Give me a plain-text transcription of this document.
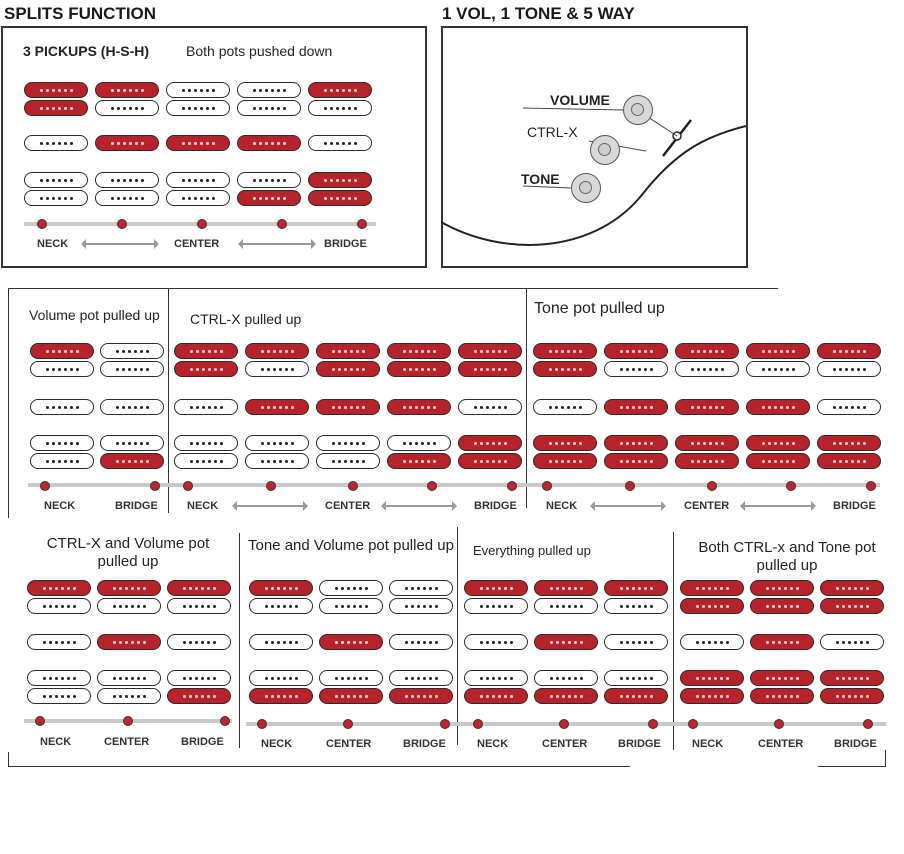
SPLITS FUNCTION	1 VOL, 1 TONE & 5 WAY
3 PICKUPS (H-S-H)	Both pots pushed down
NECK	CENTER	BRIDGE
VOLUME
CTRL-X
TONE
Volume pot pulled up	CTRL-X pulled up
Tone pot pulled up
NECK	BRIDGE	NECK	CENTER	BRIDGE	NECK	CENTER	BRIDGE
CTRL-X and Volume pot pulled up
Tone and Volume pot pulled up Everything pulled up	Both CTRL-x and Tone pot pulled up
NECK	CENTER	BRIDGE	NECK	CENTER	BRIDGE	NECK	CENTER	BRIDGE	NECK	CENTER	BRIDGE
